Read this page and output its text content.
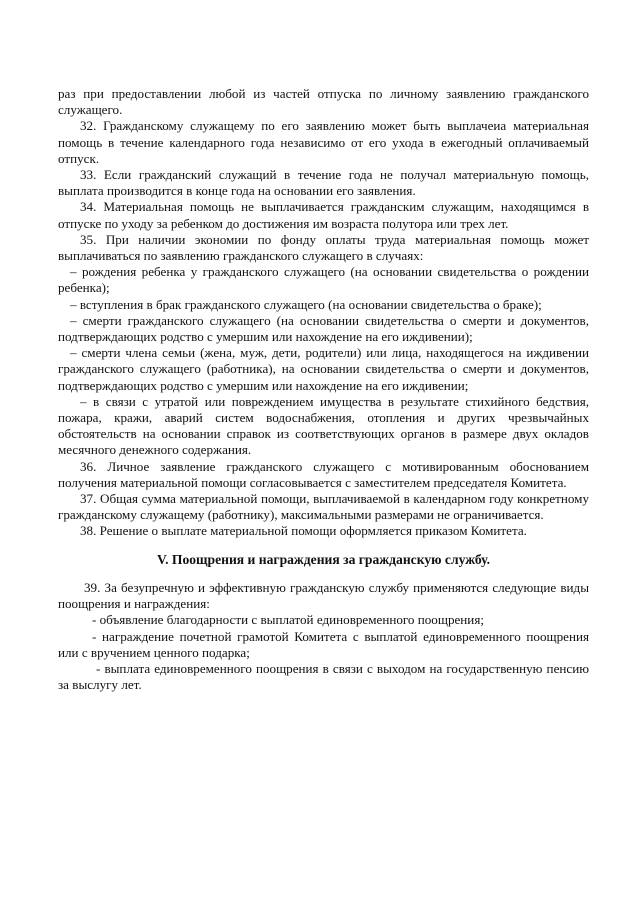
раз при предоставлении любой из частей отпуска по личному заявлению гражданского служащего.

32. Гражданскому служащему по его заявлению может быть выплачеиа материальная помощь в течение календарного года независимо от его ухода в ежегодный оплачиваемый отпуск.

33. Если гражданский служащий в течение года не получал материальную помощь, выплата производится в конце года на основании его заявления.

34. Материальная помощь не выплачивается гражданским служащим, находящимся в отпуске по уходу за ребенком до достижения им возраста полутора или трех лет.

35. При наличии экономии по фонду оплаты труда материальная помощь может выплачиваться по заявлению гражданского служащего в случаях:

– рождения ребенка у гражданского служащего (на основании свидетельства о рождении ребенка);

– вступления в брак гражданского служащего (на основании свидетельства о браке);

– смерти гражданского служащего (на основании свидетельства о смерти и документов, подтверждающих родство с умершим или нахождение на его иждивении);

– смерти члена семьи (жена, муж, дети, родители) или лица, находящегося на иждивении гражданского служащего (работника), на основании свидетельства о смерти и документов, подтверждающих родство с умершим или нахождение на его иждивении;

– в связи с утратой или повреждением имущества в результате стихийного бедствия, пожара, кражи, аварий систем водоснабжения, отопления и других чрезвычайных обстоятельств на основании справок из соответствующих органов в размере двух окладов месячного денежного содержания.

36. Личное заявление гражданского служащего с мотивированным обоснованием получения материальной помощи согласовывается с заместителем председателя Комитета.

37. Общая сумма материальной помощи, выплачиваемой в календарном году конкретному гражданскому служащему (работнику), максимальными размерами не ограничивается.

38. Решение о выплате материальной помощи оформляется приказом Комитета.

V. Поощрения и награждения за гражданскую службу.

39. За безупречную и эффективную гражданскую службу применяются следующие виды поощрения и награждения:

- объявление благодарности с выплатой единовременного поощрения;

- награждение почетной грамотой Комитета с выплатой единовременного поощрения или с вручением ценного подарка;

- выплата единовременного поощрения в связи с выходом на государственную пенсию за выслугу лет.
